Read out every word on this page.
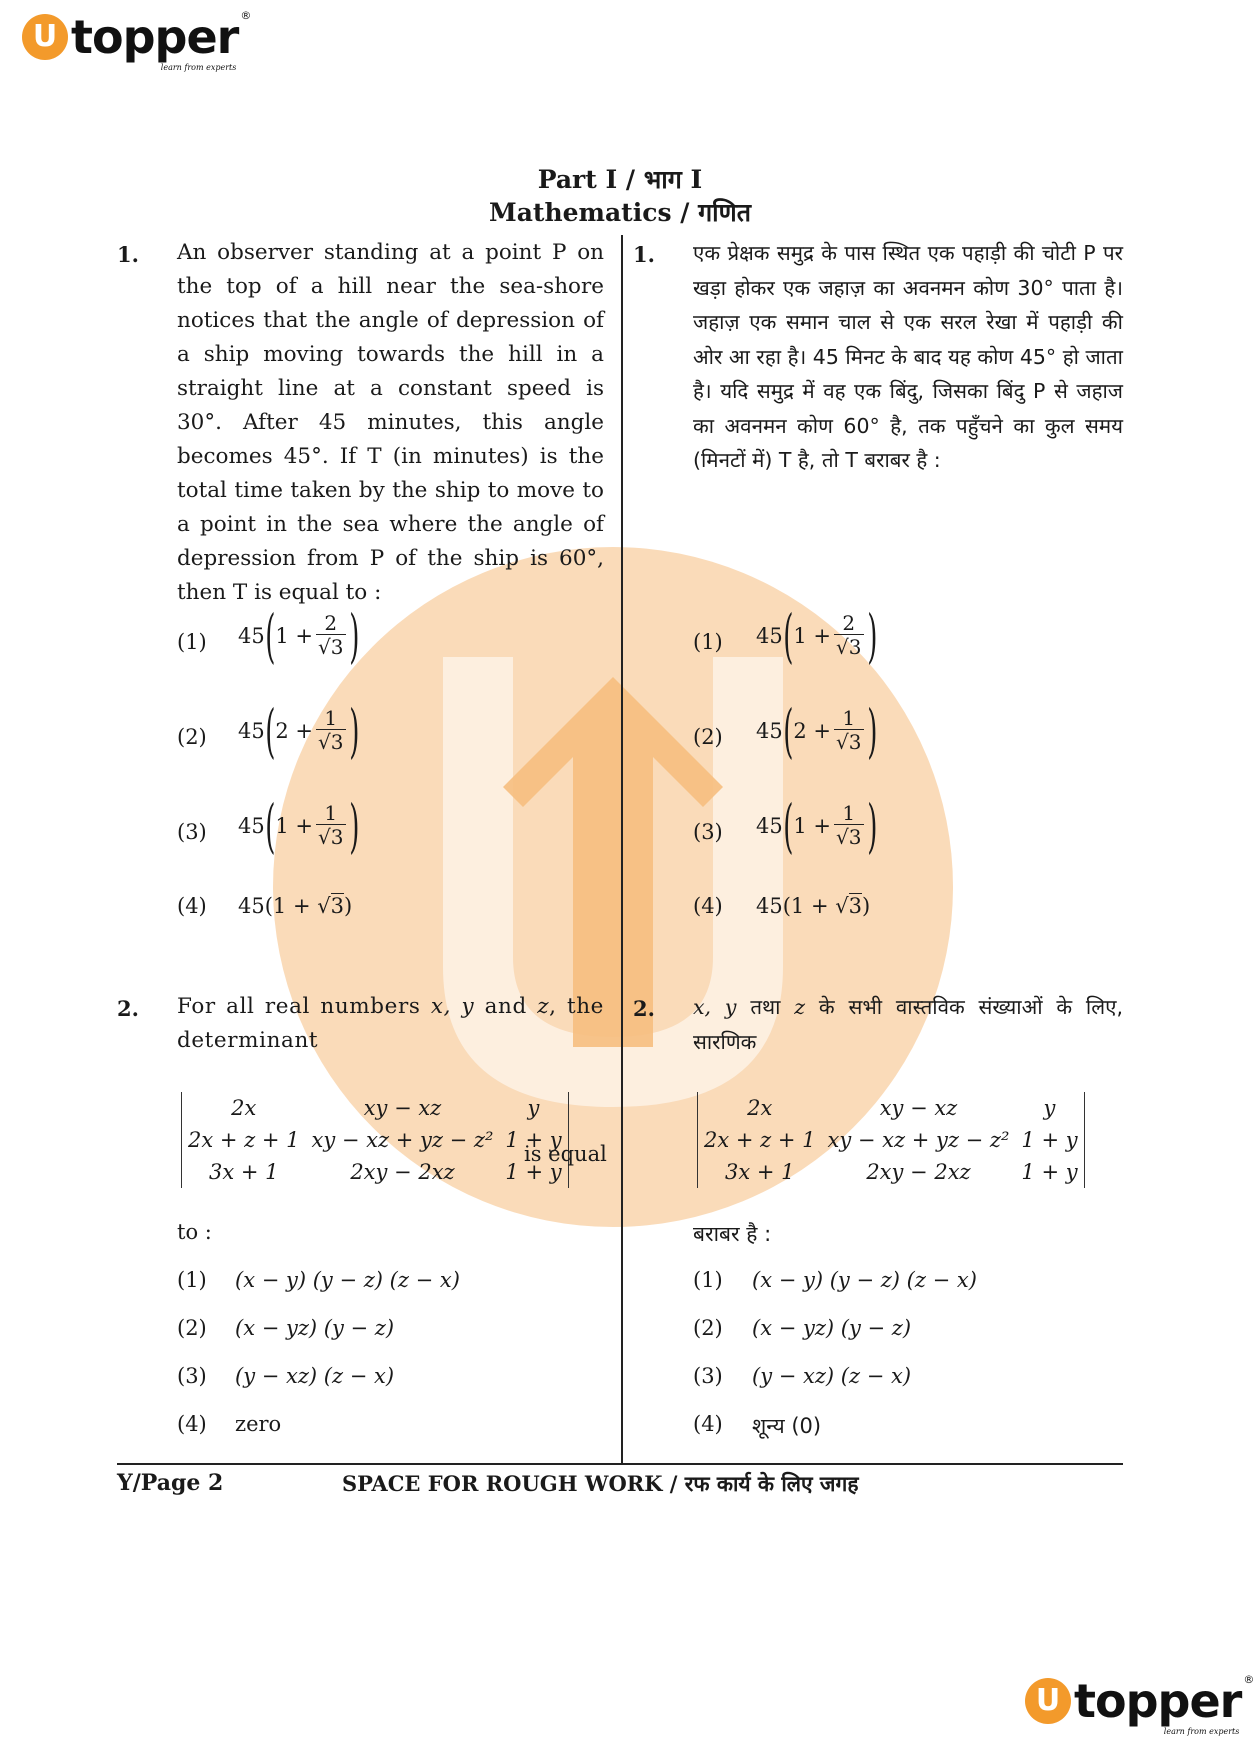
U topper ®
learn from experts
Part I / भाग I
Mathematics / गणित
1. An observer standing at a point P on the top of a hill near the sea-shore notices that the angle of depression of a ship moving towards the hill in a straight line at a constant speed is 30°. After 45 minutes, this angle becomes 45°. If T (in minutes) is the total time taken by the ship to move to a point in the sea where the angle of depression from P of the ship is 60°, then T is equal to :
1. एक प्रेक्षक समुद्र के पास स्थित एक पहाड़ी की चोटी P पर खड़ा होकर एक जहाज़ का अवनमन कोण 30° पाता है। जहाज़ एक समान चाल से एक सरल रेखा में पहाड़ी की ओर आ रहा है। 45 मिनट के बाद यह कोण 45° हो जाता है। यदि समुद्र में वह एक बिंदु, जिसका बिंदु P से जहाज का अवनमन कोण 60° है, तक पहुँचने का कुल समय (मिनटों में) T है, तो T बराबर है :
(1) 45 ( $1 + \frac{2}{√3}$ )
(2) 45 ( $2 + \frac{1}{√3}$ )
(3) 45 ( $1 + \frac{1}{√3}$ )
(4) 45(1 + √3)
(1) 45 ( $1 + \frac{2}{√3}$ )
(2) 45 ( $2 + \frac{1}{√3}$ )
(3) 45 ( $1 + \frac{1}{√3}$ )
(4) 45(1 + √3)
2. For all real numbers x, y and z, the determinant
2x	xy − xz	y
2x + z + 1	xy − xz + yz − z²	1 + y
3x + 1	2xy − 2xz	1 + y
is equal
to :
(1) (x − y) (y − z) (z − x)
(2) (x − yz) (y − z)
(3) (y − xz) (z − x)
(4) zero
2. x, y तथा z के सभी वास्तविक संख्याओं के लिए, सारणिक
2x	xy − xz	y
2x + z + 1	xy − xz + yz − z²	1 + y
3x + 1	2xy − 2xz	1 + y
बराबर है :
(1) (x − y) (y − z) (z − x)
(2) (x − yz) (y − z)
(3) (y − xz) (z − x)
(4) शून्य (0)
Y/Page 2	SPACE FOR ROUGH WORK / रफ कार्य के लिए जगह
U topper ®
learn from experts
